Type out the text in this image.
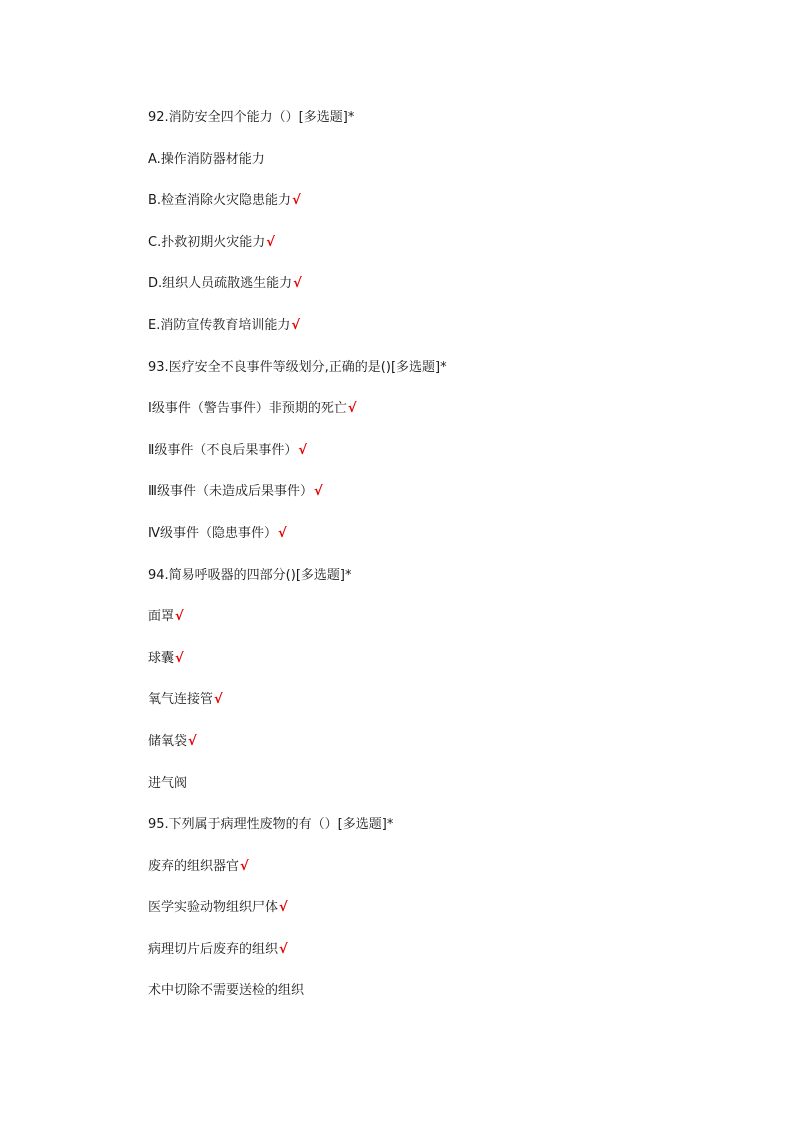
92.消防安全四个能力（）[多选题]*
A.操作消防器材能力
B.检查消除火灾隐患能力√
C.扑救初期火灾能力√
D.组织人员疏散逃生能力√
E.消防宣传教育培训能力√
93.医疗安全不良事件等级划分,正确的是()[多选题]*
Ⅰ级事件（警告事件）非预期的死亡√
Ⅱ级事件（不良后果事件）√
Ⅲ级事件（未造成后果事件）√
Ⅳ级事件（隐患事件）√
94.简易呼吸器的四部分()[多选题]*
面罩√
球囊√
氧气连接管√
储氧袋√
进气阀
95.下列属于病理性废物的有（）[多选题]*
废弃的组织器官√
医学实验动物组织尸体√
病理切片后废弃的组织√
术中切除不需要送检的组织
